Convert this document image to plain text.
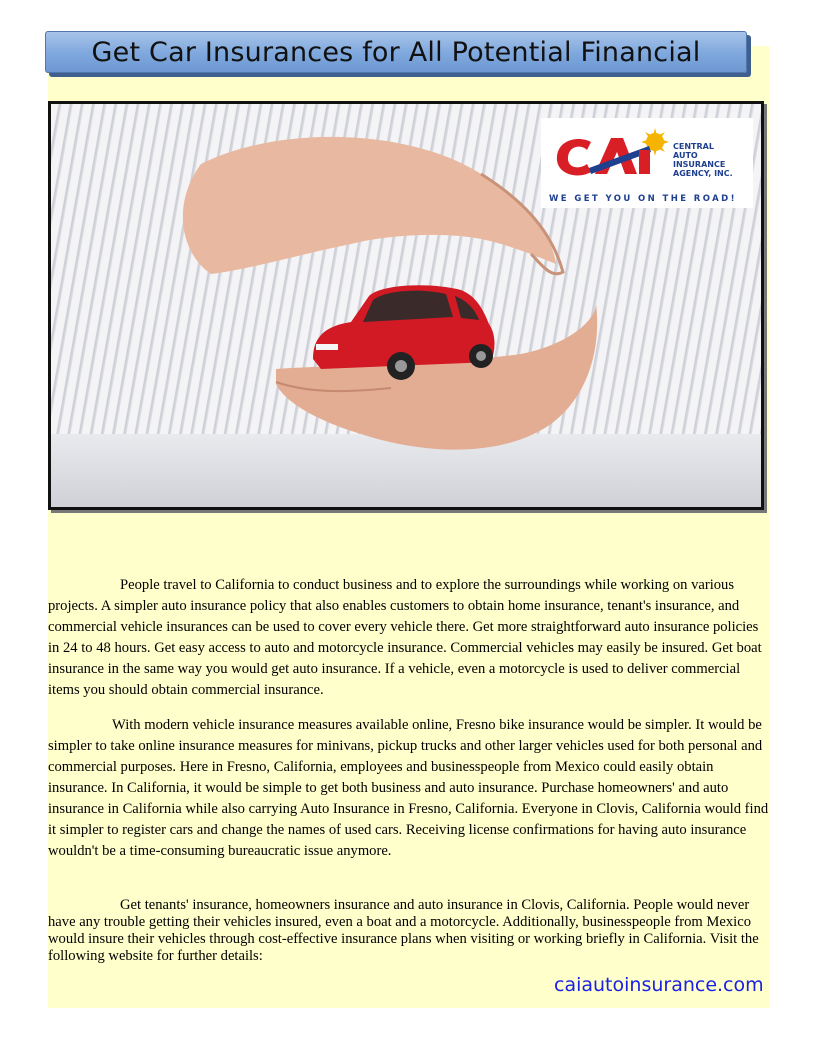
Get Car Insurances for All Potential Financial
CAI
CENTRAL
AUTO
INSURANCE
AGENCY, INC.
WE GET YOU ON THE ROAD!

People travel to California to conduct business and to explore the surroundings while working on various projects. A simpler auto insurance policy that also enables customers to obtain home insurance, tenant's insurance, and commercial vehicle insurances can be used to cover every vehicle there. Get more straightforward auto insurance policies in 24 to 48 hours. Get easy access to auto and motorcycle insurance. Commercial vehicles may easily be insured. Get boat insurance in the same way you would get auto insurance. If a vehicle, even a motorcycle is used to deliver commercial items you should obtain commercial insurance.

With modern vehicle insurance measures available online, Fresno bike insurance would be simpler. It would be simpler to take online insurance measures for minivans, pickup trucks and other larger vehicles used for both personal and commercial purposes. Here in Fresno, California, employees and businesspeople from Mexico could easily obtain insurance. In California, it would be simple to get both business and auto insurance. Purchase homeowners' and auto insurance in California while also carrying Auto Insurance in Fresno, California. Everyone in Clovis, California would find it simpler to register cars and change the names of used cars. Receiving license confirmations for having auto insurance wouldn't be a time-consuming bureaucratic issue anymore.

Get tenants' insurance, homeowners insurance and auto insurance in Clovis, California. People would never have any trouble getting their vehicles insured, even a boat and a motorcycle. Additionally, businesspeople from Mexico would insure their vehicles through cost-effective insurance plans when visiting or working briefly in California. Visit the following website for further details:

caiautoinsurance.com
